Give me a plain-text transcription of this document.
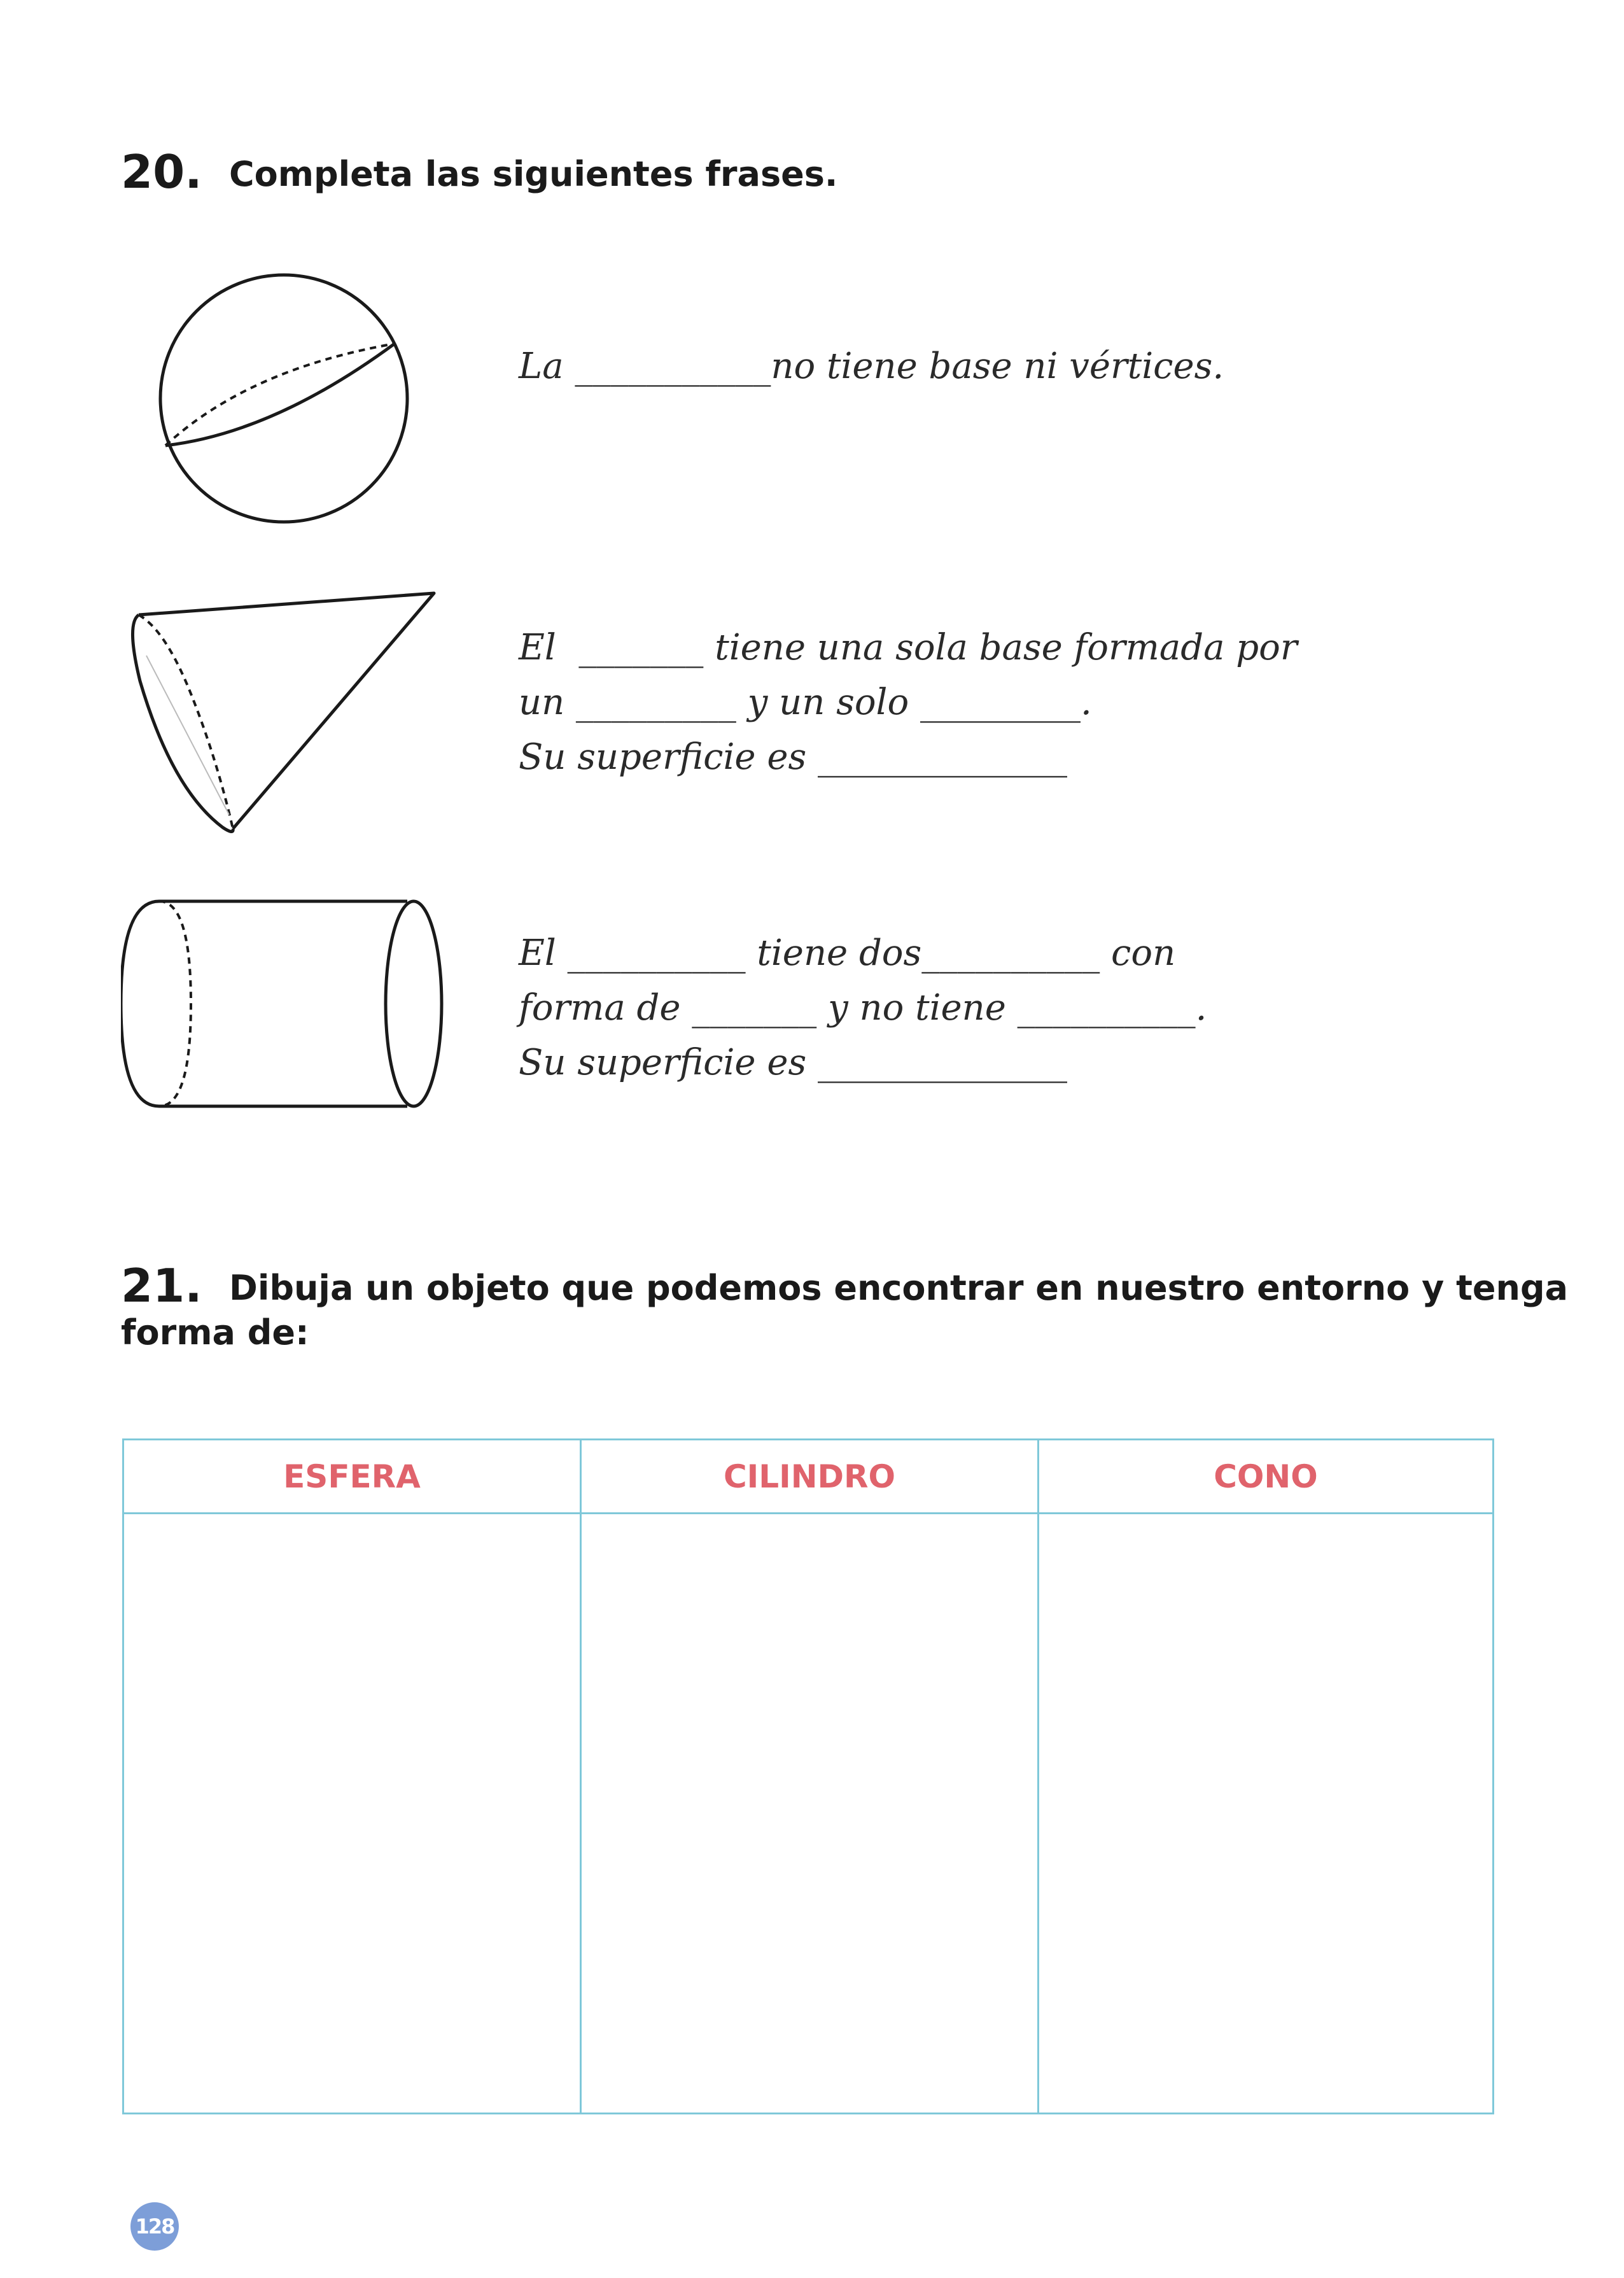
20. Completa las siguientes frases.
La ___________no tiene base ni vértices.
El  _______ tiene una sola base formada por
un _________ y un solo _________.
Su superficie es ______________
El __________ tiene dos__________ con
forma de _______ y no tiene __________.
Su superficie es ______________
21. Dibuja un objeto que podemos encontrar en nuestro entorno y tenga
forma de:
ESFERA	CILINDRO	CONO
128
